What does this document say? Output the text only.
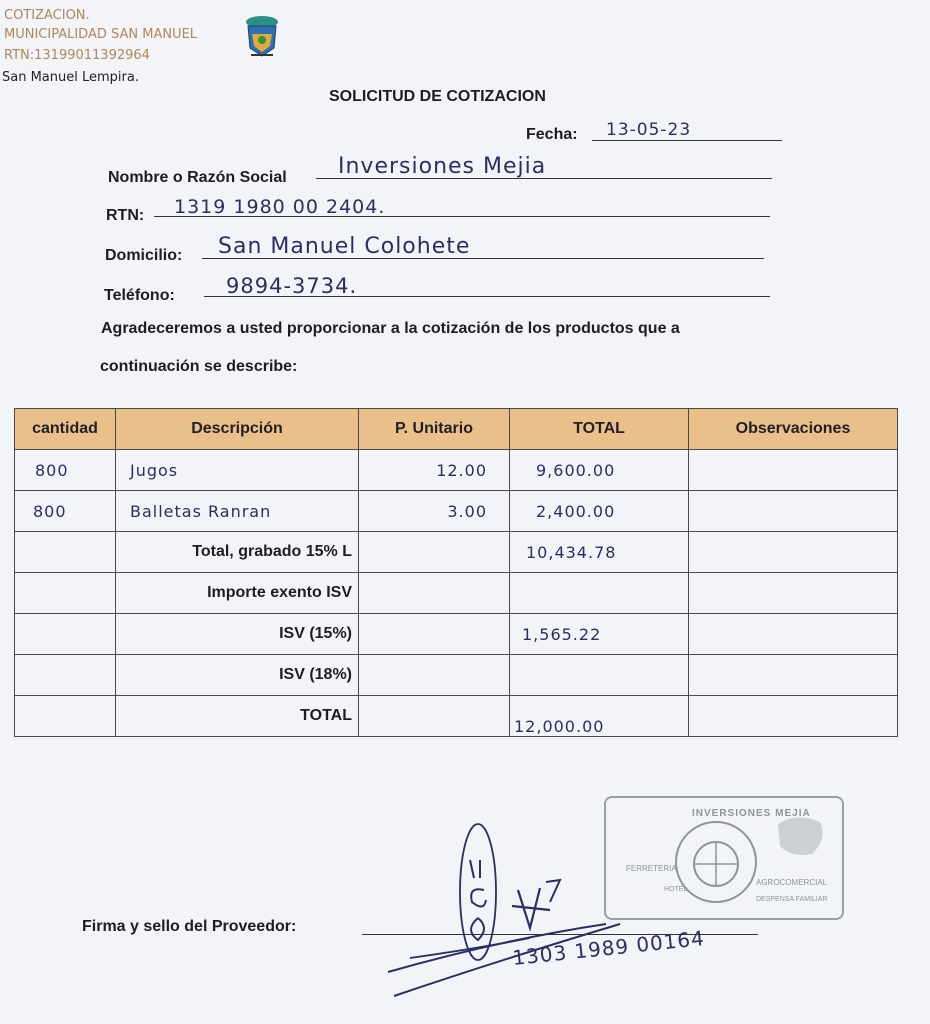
COTIZACION.
MUNICIPALIDAD SAN MANUEL
RTN:13199011392964
San Manuel Lempira.
SOLICITUD DE COTIZACION
Fecha: 13-05-23
Nombre o Razón Social Inversiones Mejia
RTN: 1319 1980 00 2404.
Domicilio: San Manuel Colohete
Teléfono: 9894-3734.
Agradeceremos a usted proporcionar a la cotización de los productos que a
continuación se describe:
cantidad	Descripción	P. Unitario	TOTAL	Observaciones
800	Jugos	12.00	9,600.00	
800	Balletas Ranran	3.00	2,400.00	
	Total, grabado 15% L		10,434.78	
	Importe exento ISV			
	ISV (15%)		1,565.22	
	ISV (18%)			
	TOTAL		12,000.00	
INVERSIONES MEJIA
FERRETERIA
AGROCOMERCIAL
HOTEL
DESPENSA FAMILIAR
Firma y sello del Proveedor:	1303 1989 00164
